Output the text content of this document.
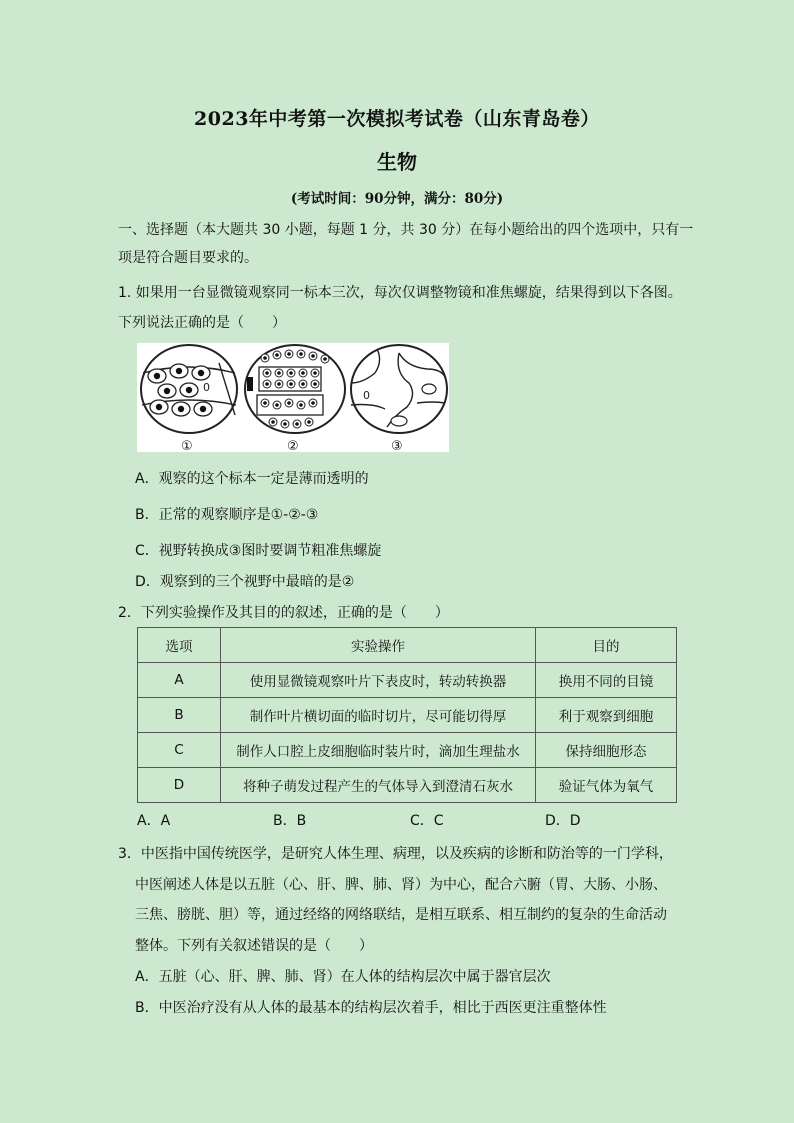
2023年中考第一次模拟考试卷（山东青岛卷）
生物
(考试时间：90分钟，满分：80分)
一、选择题（本大题共 30 小题，每题 1 分，共 30 分）在每小题给出的四个选项中，只有一
项是符合题目要求的。
1. 如果用一台显微镜观察同一标本三次，每次仅调整物镜和准焦螺旋，结果得到以下各图。
下列说法正确的是（　　）
0
0
①	②	③
A．观察的这个标本一定是薄而透明的
B．正常的观察顺序是①-②-③
C．视野转换成③图时要调节粗准焦螺旋
D．观察到的三个视野中最暗的是②
2．下列实验操作及其目的的叙述，正确的是（　　）
选项	实验操作	目的
A	使用显微镜观察叶片下表皮时，转动转换器	换用不同的目镜
B	制作叶片横切面的临时切片，尽可能切得厚	利于观察到细胞
C	制作人口腔上皮细胞临时装片时，滴加生理盐水	保持细胞形态
D	将种子萌发过程产生的气体导入到澄清石灰水	验证气体为氧气
A．A	B．B	C．C	D．D
3．中医指中国传统医学，是研究人体生理、病理，以及疾病的诊断和防治等的一门学科，
中医阐述人体是以五脏（心、肝、脾、肺、肾）为中心，配合六腑（胃、大肠、小肠、
三焦、膀胱、胆）等，通过经络的网络联结，是相互联系、相互制约的复杂的生命活动
整体。下列有关叙述错误的是（　　）
A．五脏（心、肝、脾、肺、肾）在人体的结构层次中属于器官层次
B．中医治疗没有从人体的最基本的结构层次着手，相比于西医更注重整体性
